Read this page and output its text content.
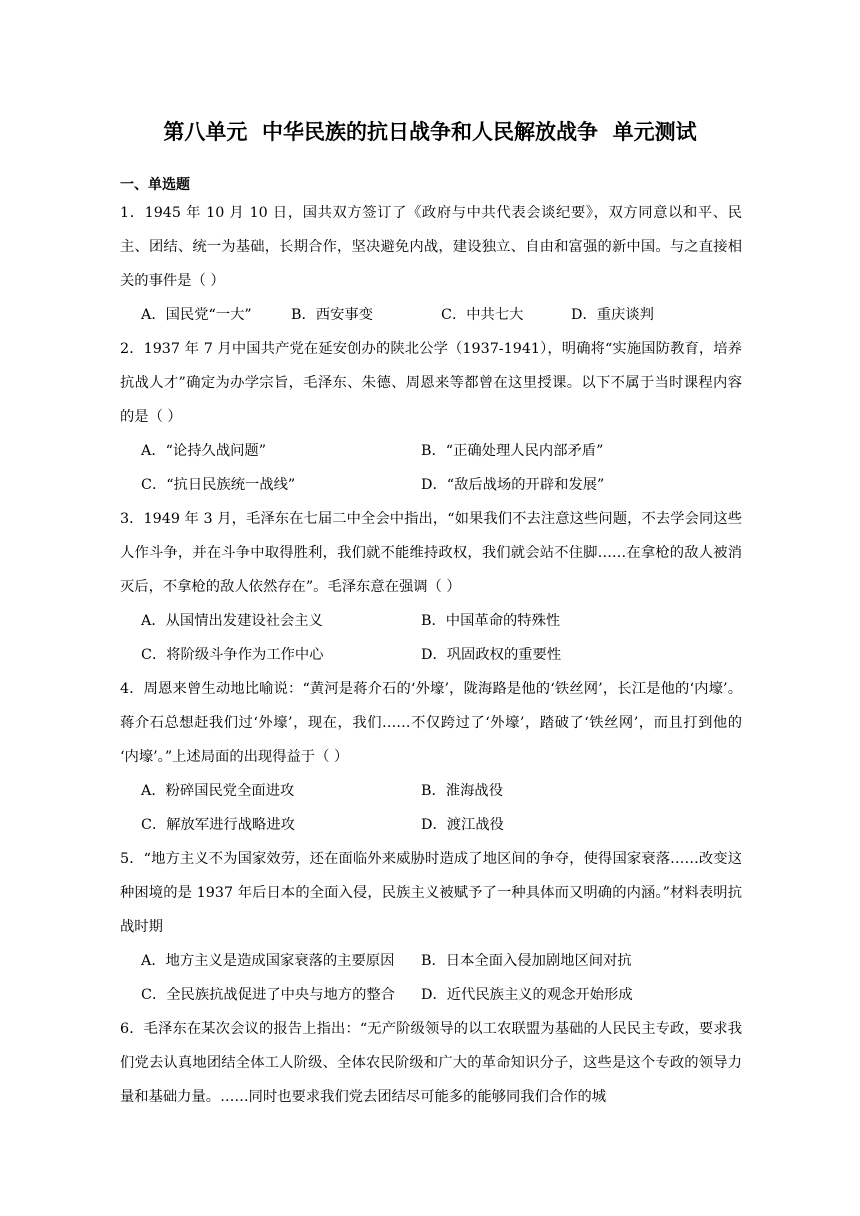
第八单元  中华民族的抗日战争和人民解放战争  单元测试
一、单选题
1．1945 年 10 月 10 日，国共双方签订了《政府与中共代表会谈纪要》，双方同意以和平、民主、团结、统一为基础，长期合作，坚决避免内战，建设独立、自由和富强的新中国。与之直接相关的事件是（ ）
A．国民党“一大”	B．西安事变	C．中共七大	D．重庆谈判
2．1937 年 7 月中国共产党在延安创办的陕北公学（1937-1941），明确将“实施国防教育，培养抗战人才”确定为办学宗旨，毛泽东、朱德、周恩来等都曾在这里授课。以下不属于当时课程内容的是（ ）
A．“论持久战问题”	B．“正确处理人民内部矛盾”
C．“抗日民族统一战线”	D．“敌后战场的开辟和发展”
3．1949 年 3 月，毛泽东在七届二中全会中指出，“如果我们不去注意这些问题，不去学会同这些人作斗争，并在斗争中取得胜利，我们就不能维持政权，我们就会站不住脚……在拿枪的敌人被消灭后，不拿枪的敌人依然存在”。毛泽东意在强调（ ）
A．从国情出发建设社会主义	B．中国革命的特殊性
C．将阶级斗争作为工作中心	D．巩固政权的重要性
4．周恩来曾生动地比喻说：“黄河是蒋介石的‘外壕’，陇海路是他的‘铁丝网’，长江是他的‘内壕’。 蒋介石总想赶我们过‘外壕’，现在，我们……不仅跨过了‘外壕’，踏破了‘铁丝网’，而且打到他的 ‘内壕’。”上述局面的出现得益于（ ）
A．粉碎国民党全面进攻	B．淮海战役
C．解放军进行战略进攻	D．渡江战役
5．“地方主义不为国家效劳，还在面临外来威胁时造成了地区间的争夺，使得国家衰落……改变这种困境的是 1937 年后日本的全面入侵，民族主义被赋予了一种具体而又明确的内涵。”材料表明抗战时期
A．地方主义是造成国家衰落的主要原因	B．日本全面入侵加剧地区间对抗
C．全民族抗战促进了中央与地方的整合	D．近代民族主义的观念开始形成
6．毛泽东在某次会议的报告上指出：“无产阶级领导的以工农联盟为基础的人民民主专政，要求我们党去认真地团结全体工人阶级、全体农民阶级和广大的革命知识分子，这些是这个专政的领导力量和基础力量。……同时也要求我们党去团结尽可能多的能够同我们合作的城
